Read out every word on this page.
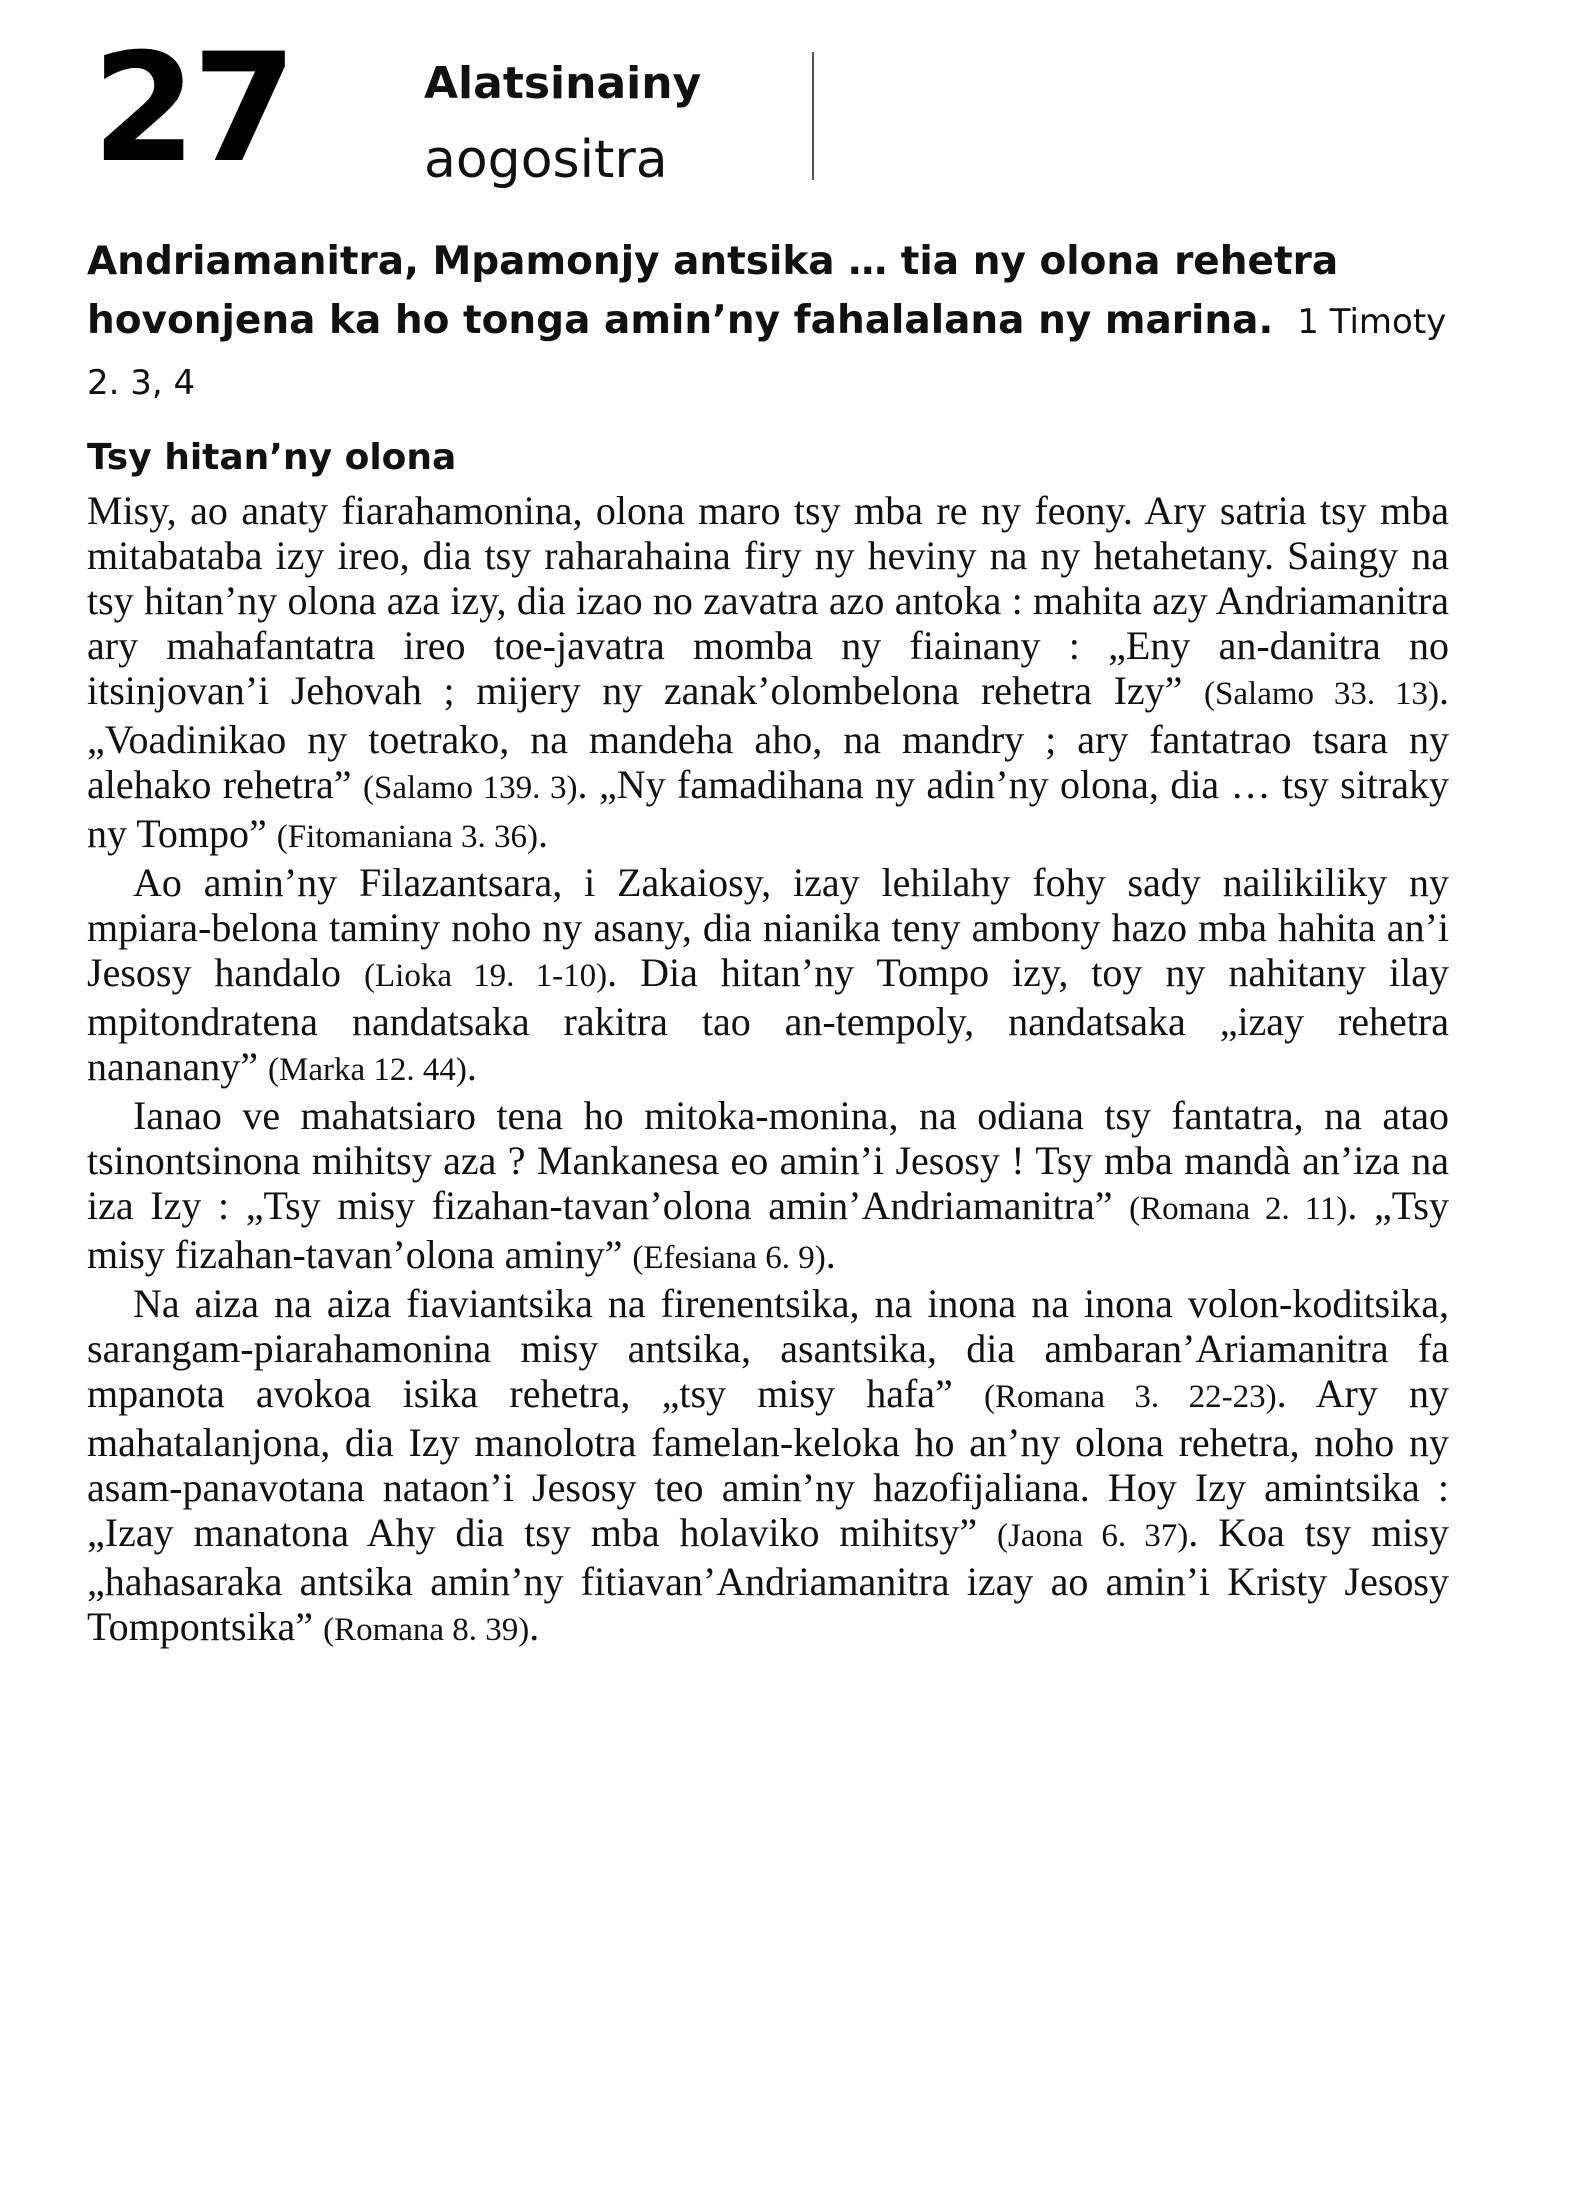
27	Alatsinainy
aogositra
Andriamanitra, Mpamonjy antsika … tia ny olona rehetra hovonjena ka ho tonga amin’ny fahalalana ny marina. 1 Timoty 2. 3, 4
Tsy hitan’ny olona

Misy, ao anaty fiarahamonina, olona maro tsy mba re ny feony. Ary satria tsy mba mitabataba izy ireo, dia tsy raharahaina firy ny heviny na ny hetahetany. Saingy na tsy hitan’ny olona aza izy, dia izao no zavatra azo antoka : mahita azy Andriamanitra ary mahafantatra ireo toe-javatra momba ny fiainany : „Eny an-danitra no itsinjovan’i Jehovah ; mijery ny zanak’olombelona rehetra Izy” (Salamo 33. 13). „Voadinikao ny toetrako, na mandeha aho, na mandry ; ary fantatrao tsara ny alehako rehetra” (Salamo 139. 3). „Ny famadihana ny adin’ny olona, dia … tsy sitraky ny Tompo” (Fitomaniana 3. 36).

Ao amin’ny Filazantsara, i Zakaiosy, izay lehilahy fohy sady nailikiliky ny mpiara-belona taminy noho ny asany, dia nianika teny ambony hazo mba hahita an’i Jesosy handalo (Lioka 19. 1-10). Dia hitan’ny Tompo izy, toy ny nahitany ilay mpitondratena nandatsaka rakitra tao an-tempoly, nandatsaka „izay rehetra nananany” (Marka 12. 44).

Ianao ve mahatsiaro tena ho mitoka-monina, na odiana tsy fantatra, na atao tsinontsinona mihitsy aza ? Mankanesa eo amin’i Jesosy ! Tsy mba mandà an’iza na iza Izy : „Tsy misy fizahan-tavan’olona amin’Andriamanitra” (Romana 2. 11). „Tsy misy fizahan-tavan’olona aminy” (Efesiana 6. 9).

Na aiza na aiza fiaviantsika na firenentsika, na inona na inona volon-koditsika, sarangam-piarahamonina misy antsika, asantsika, dia ambaran’Ariamanitra fa mpanota avokoa isika rehetra, „tsy misy hafa” (Romana 3. 22-23). Ary ny mahatalanjona, dia Izy manolotra famelan-keloka ho an’ny olona rehetra, noho ny asam-panavotana nataon’i Jesosy teo amin’ny hazofijaliana. Hoy Izy amintsika : „Izay manatona Ahy dia tsy mba holaviko mihitsy” (Jaona 6. 37). Koa tsy misy „hahasaraka antsika amin’ny fitiavan’Andriamanitra izay ao amin’i Kristy Jesosy Tompontsika” (Romana 8. 39).
